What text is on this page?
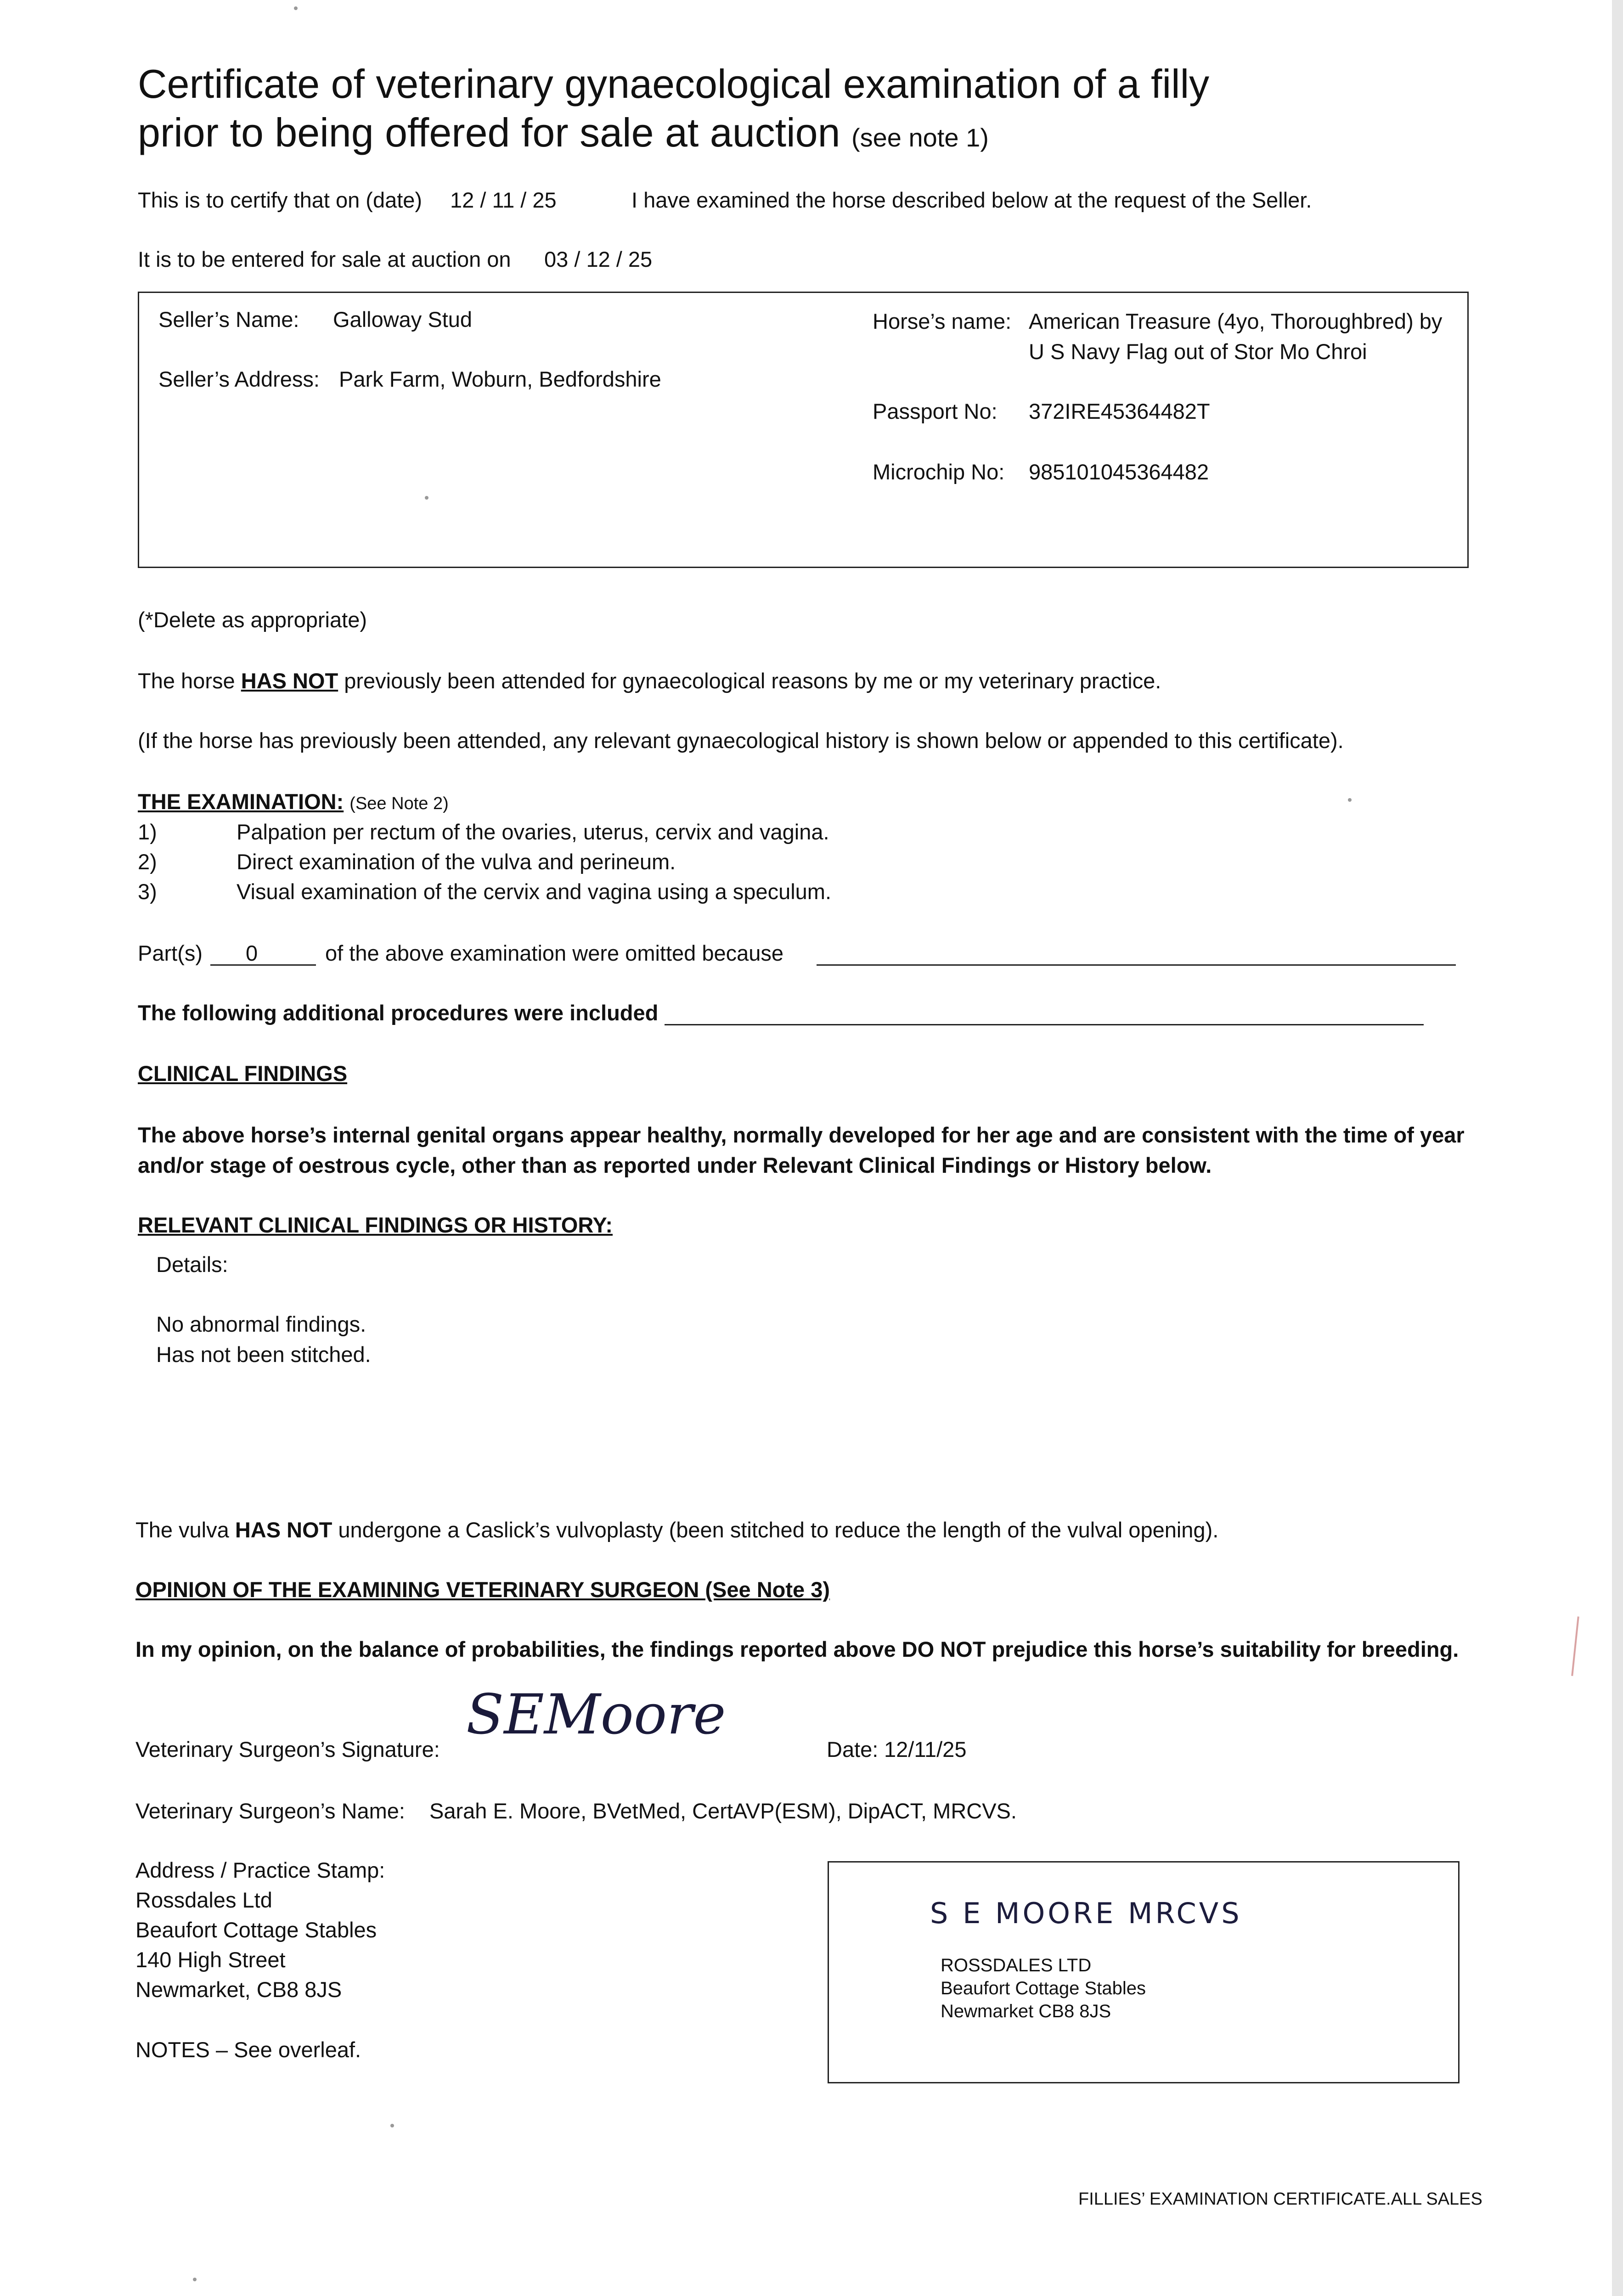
Certificate of veterinary gynaecological examination of a filly
prior to being offered for sale at auction (see note 1)
This is to certify that on (date) 12 / 11 / 25	I have examined the horse described below at the request of the Seller.
It is to be entered for sale at auction on 03 / 12 / 25
Seller’s Name: Galloway Stud
Seller’s Address: Park Farm, Woburn, Bedfordshire
Horse’s name: American Treasure (4yo, Thoroughbred) by
U S Navy Flag out of Stor Mo Chroi
Passport No: 372IRE45364482T
Microchip No: 985101045364482
(*Delete as appropriate)
The horse HAS NOT previously been attended for gynaecological reasons by me or my veterinary practice.
(If the horse has previously been attended, any relevant gynaecological history is shown below or appended to this certificate).
THE EXAMINATION: (See Note 2)
1)	Palpation per rectum of the ovaries, uterus, cervix and vagina.
2)	Direct examination of the vulva and perineum.
3)	Visual examination of the cervix and vagina using a speculum.
Part(s) 0	of the above examination were omitted because
The following additional procedures were included
CLINICAL FINDINGS
The above horse’s internal genital organs appear healthy, normally developed for her age and are consistent with the time of year
and/or stage of oestrous cycle, other than as reported under Relevant Clinical Findings or History below.
RELEVANT CLINICAL FINDINGS OR HISTORY:
Details:
No abnormal findings.
Has not been stitched.
The vulva HAS NOT undergone a Caslick’s vulvoplasty (been stitched to reduce the length of the vulval opening).
OPINION OF THE EXAMINING VETERINARY SURGEON (See Note 3)
In my opinion, on the balance of probabilities, the findings reported above DO NOT prejudice this horse’s suitability for breeding.
Veterinary Surgeon’s Signature:
SEMoore
Date: 12/11/25
Veterinary Surgeon’s Name: Sarah E. Moore, BVetMed, CertAVP(ESM), DipACT, MRCVS.
Address / Practice Stamp:
Rossdales Ltd
Beaufort Cottage Stables
140 High Street
Newmarket, CB8 8JS
NOTES – See overleaf.
S E MOORE MRCVS
ROSSDALES LTD
Beaufort Cottage Stables
Newmarket CB8 8JS
FILLIES’ EXAMINATION CERTIFICATE.ALL SALES
